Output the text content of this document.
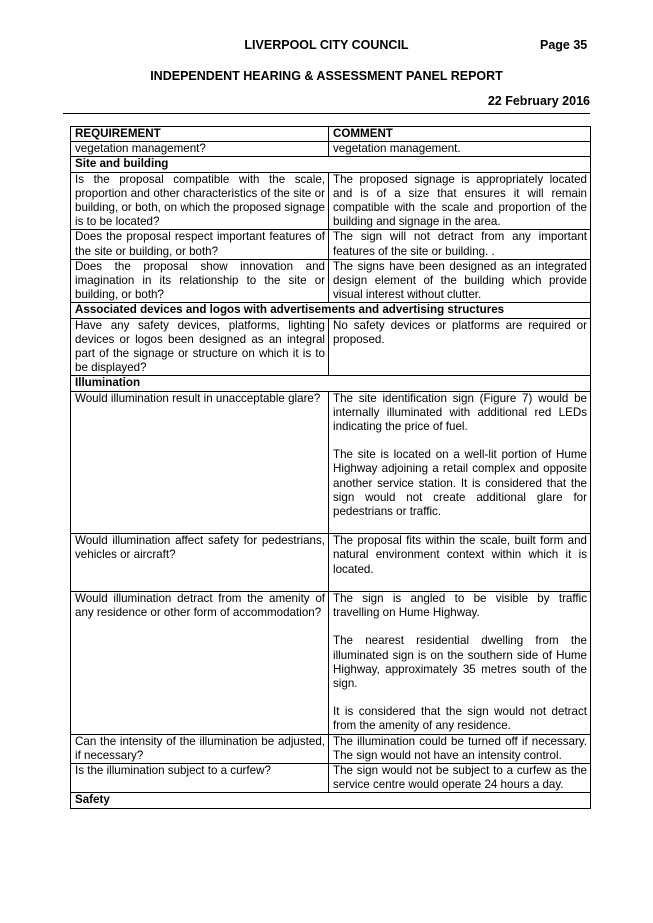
LIVERPOOL CITY COUNCIL	Page 35
INDEPENDENT HEARING & ASSESSMENT PANEL REPORT
22 February 2016
REQUIREMENT	COMMENT
vegetation management?	vegetation management.

Site and building	
Is the proposal compatible with the scale, proportion and other characteristics of the site or building, or both, on which the proposed signage is to be located?	The proposed signage is appropriately located and is of a size that ensures it will remain compatible with the scale and proportion of the building and signage in the area.

Does the proposal respect important features of the site or building, or both?	The sign will not detract from any important features of the site or building. .

Does the proposal show innovation and imagination in its relationship to the site or building, or both?	The signs have been designed as an integrated design element of the building which provide visual interest without clutter.

Associated devices and logos with advertisements and advertising structures	
Have any safety devices, platforms, lighting devices or logos been designed as an integral part of the signage or structure on which it is to be displayed?	No safety devices or platforms are required or proposed.

Illumination	
Would illumination result in unacceptable glare?	The site identification sign (Figure 7) would be internally illuminated with additional red LEDs indicating the price of fuel.
The site is located on a well-lit portion of Hume Highway adjoining a retail complex and opposite another service station. It is considered that the sign would not create additional glare for pedestrians or traffic.

Would illumination affect safety for pedestrians, vehicles or aircraft?	The proposal fits within the scale, built form and natural environment context within which it is located.

Would illumination detract from the amenity of any residence or other form of accommodation?	The sign is angled to be visible by traffic travelling on Hume Highway.
The nearest residential dwelling from the illuminated sign is on the southern side of Hume Highway, approximately 35 metres south of the sign.
It is considered that the sign would not detract from the amenity of any residence.

Can the intensity of the illumination be adjusted, if necessary?	The illumination could be turned off if necessary. The sign would not have an intensity control.

Is the illumination subject to a curfew?	The sign would not be subject to a curfew as the service centre would operate 24 hours a day.

Safety	
